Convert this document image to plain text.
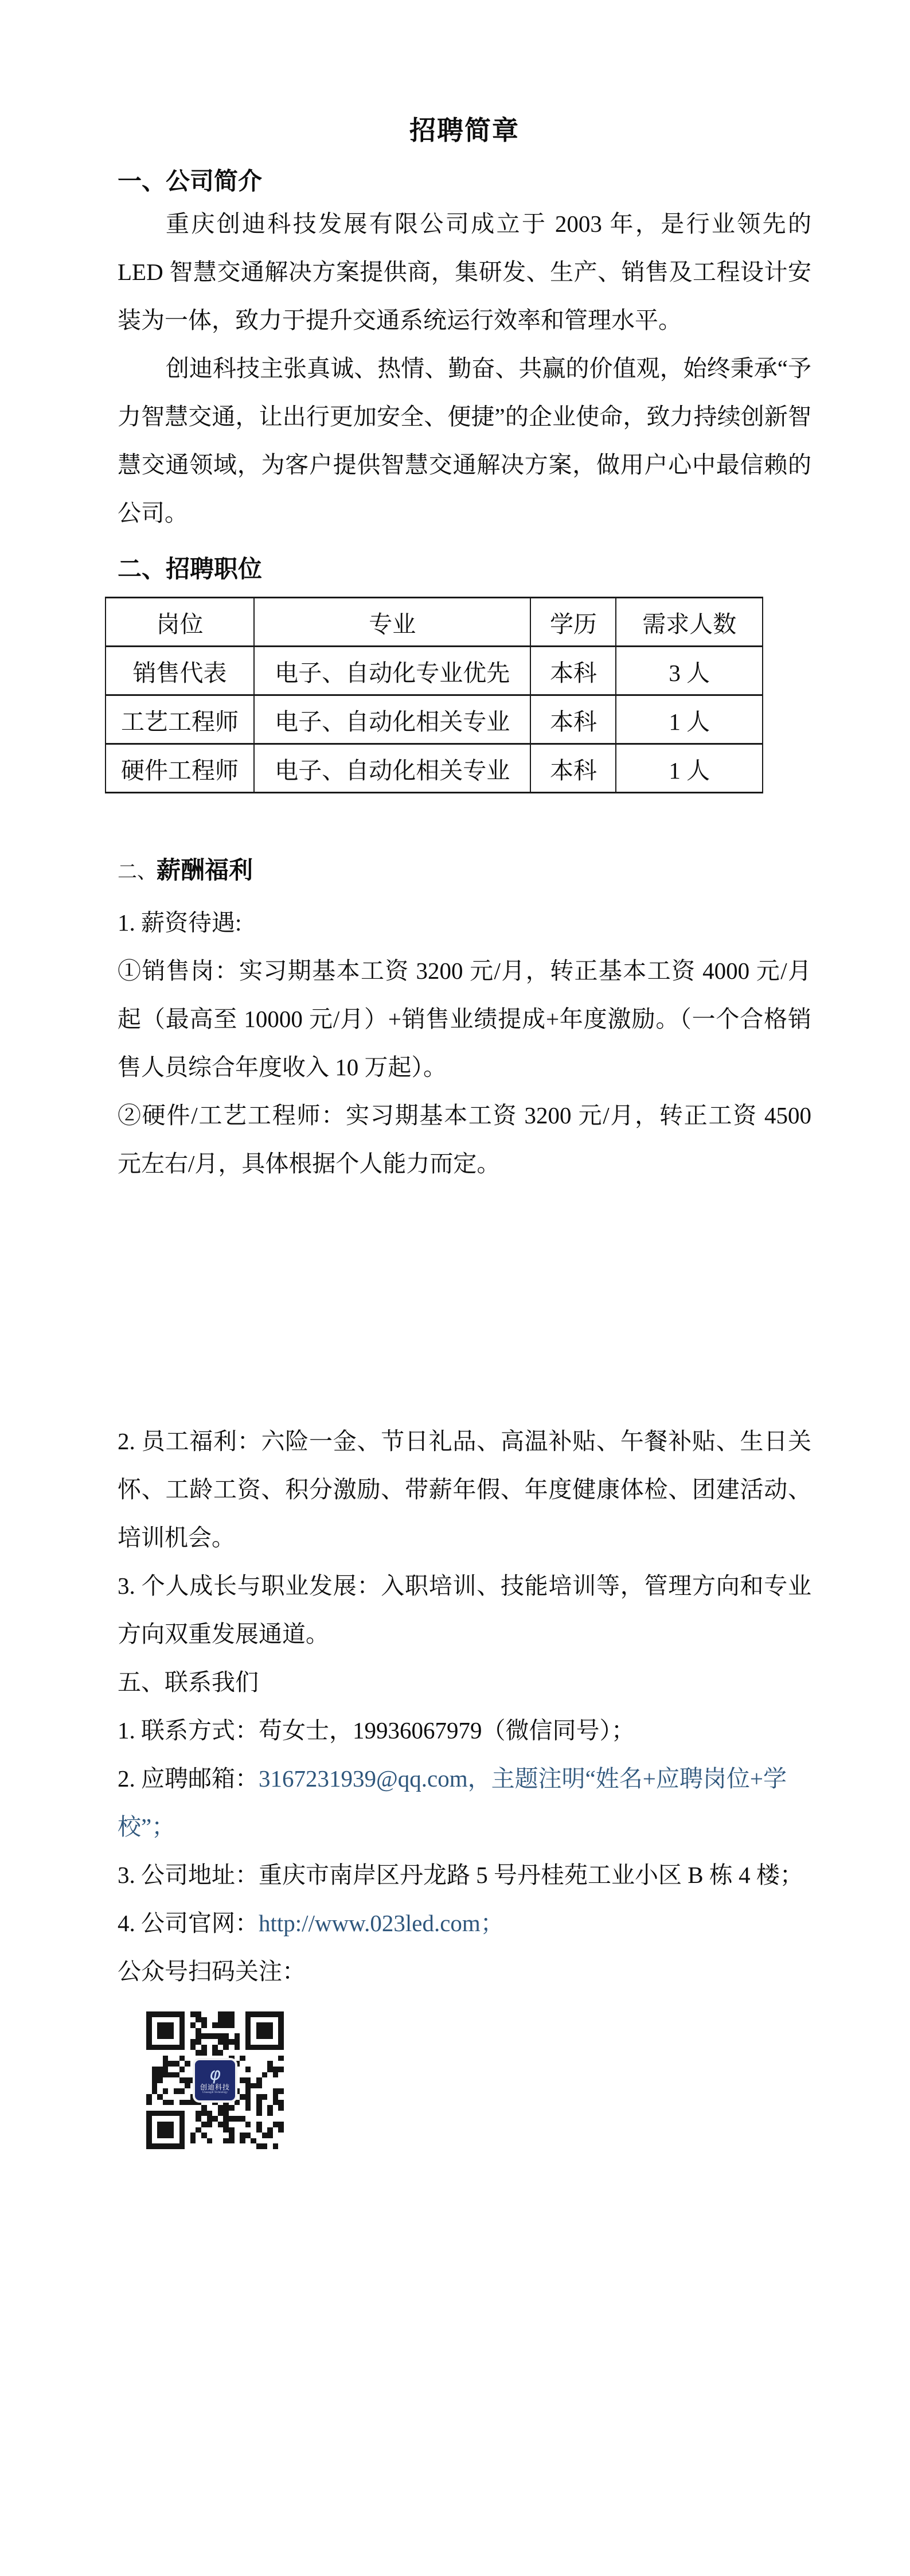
招聘简章
一、公司简介

重庆创迪科技发展有限公司成立于 2003 年，是行业领先的 LED 智慧交通解决方案提供商，集研发、生产、销售及工程设计安装为一体，致力于提升交通系统运行效率和管理水平。

创迪科技主张真诚、热情、勤奋、共赢的价值观，始终秉承“予力智慧交通，让出行更加安全、便捷”的企业使命，致力持续创新智慧交通领域，为客户提供智慧交通解决方案，做用户心中最信赖的公司。

二、招聘职位
岗位	专业	学历	需求人数
销售代表	电子、自动化专业优先	本科	3 人
工艺工程师	电子、自动化相关专业	本科	1 人
硬件工程师	电子、自动化相关专业	本科	1 人
二、薪酬福利
1. 薪资待遇:

①销售岗：实习期基本工资 3200 元/月，转正基本工资 4000 元/月起（最高至 10000 元/月）+销售业绩提成+年度激励。（一个合格销售人员综合年度收入 10 万起）。

②硬件/工艺工程师：实习期基本工资 3200 元/月，转正工资 4500 元左右/月，具体根据个人能力而定。

2. 员工福利：六险一金、节日礼品、高温补贴、午餐补贴、生日关怀、工龄工资、积分激励、带薪年假、年度健康体检、团建活动、培训机会。

3. 个人成长与职业发展：入职培训、技能培训等，管理方向和专业方向双重发展通道。

五、联系我们
1. 联系方式：苟女士，19936067979（微信同号）；
2. 应聘邮箱：3167231939@qq.com，主题注明“姓名+应聘岗位+学校”；
3. 公司地址：重庆市南岸区丹龙路 5 号丹桂苑工业小区 B 栋 4 楼；
4. 公司官网：http://www.023led.com；
公众号扫码关注：
φ
创迪科技
Chuangdi Technology
